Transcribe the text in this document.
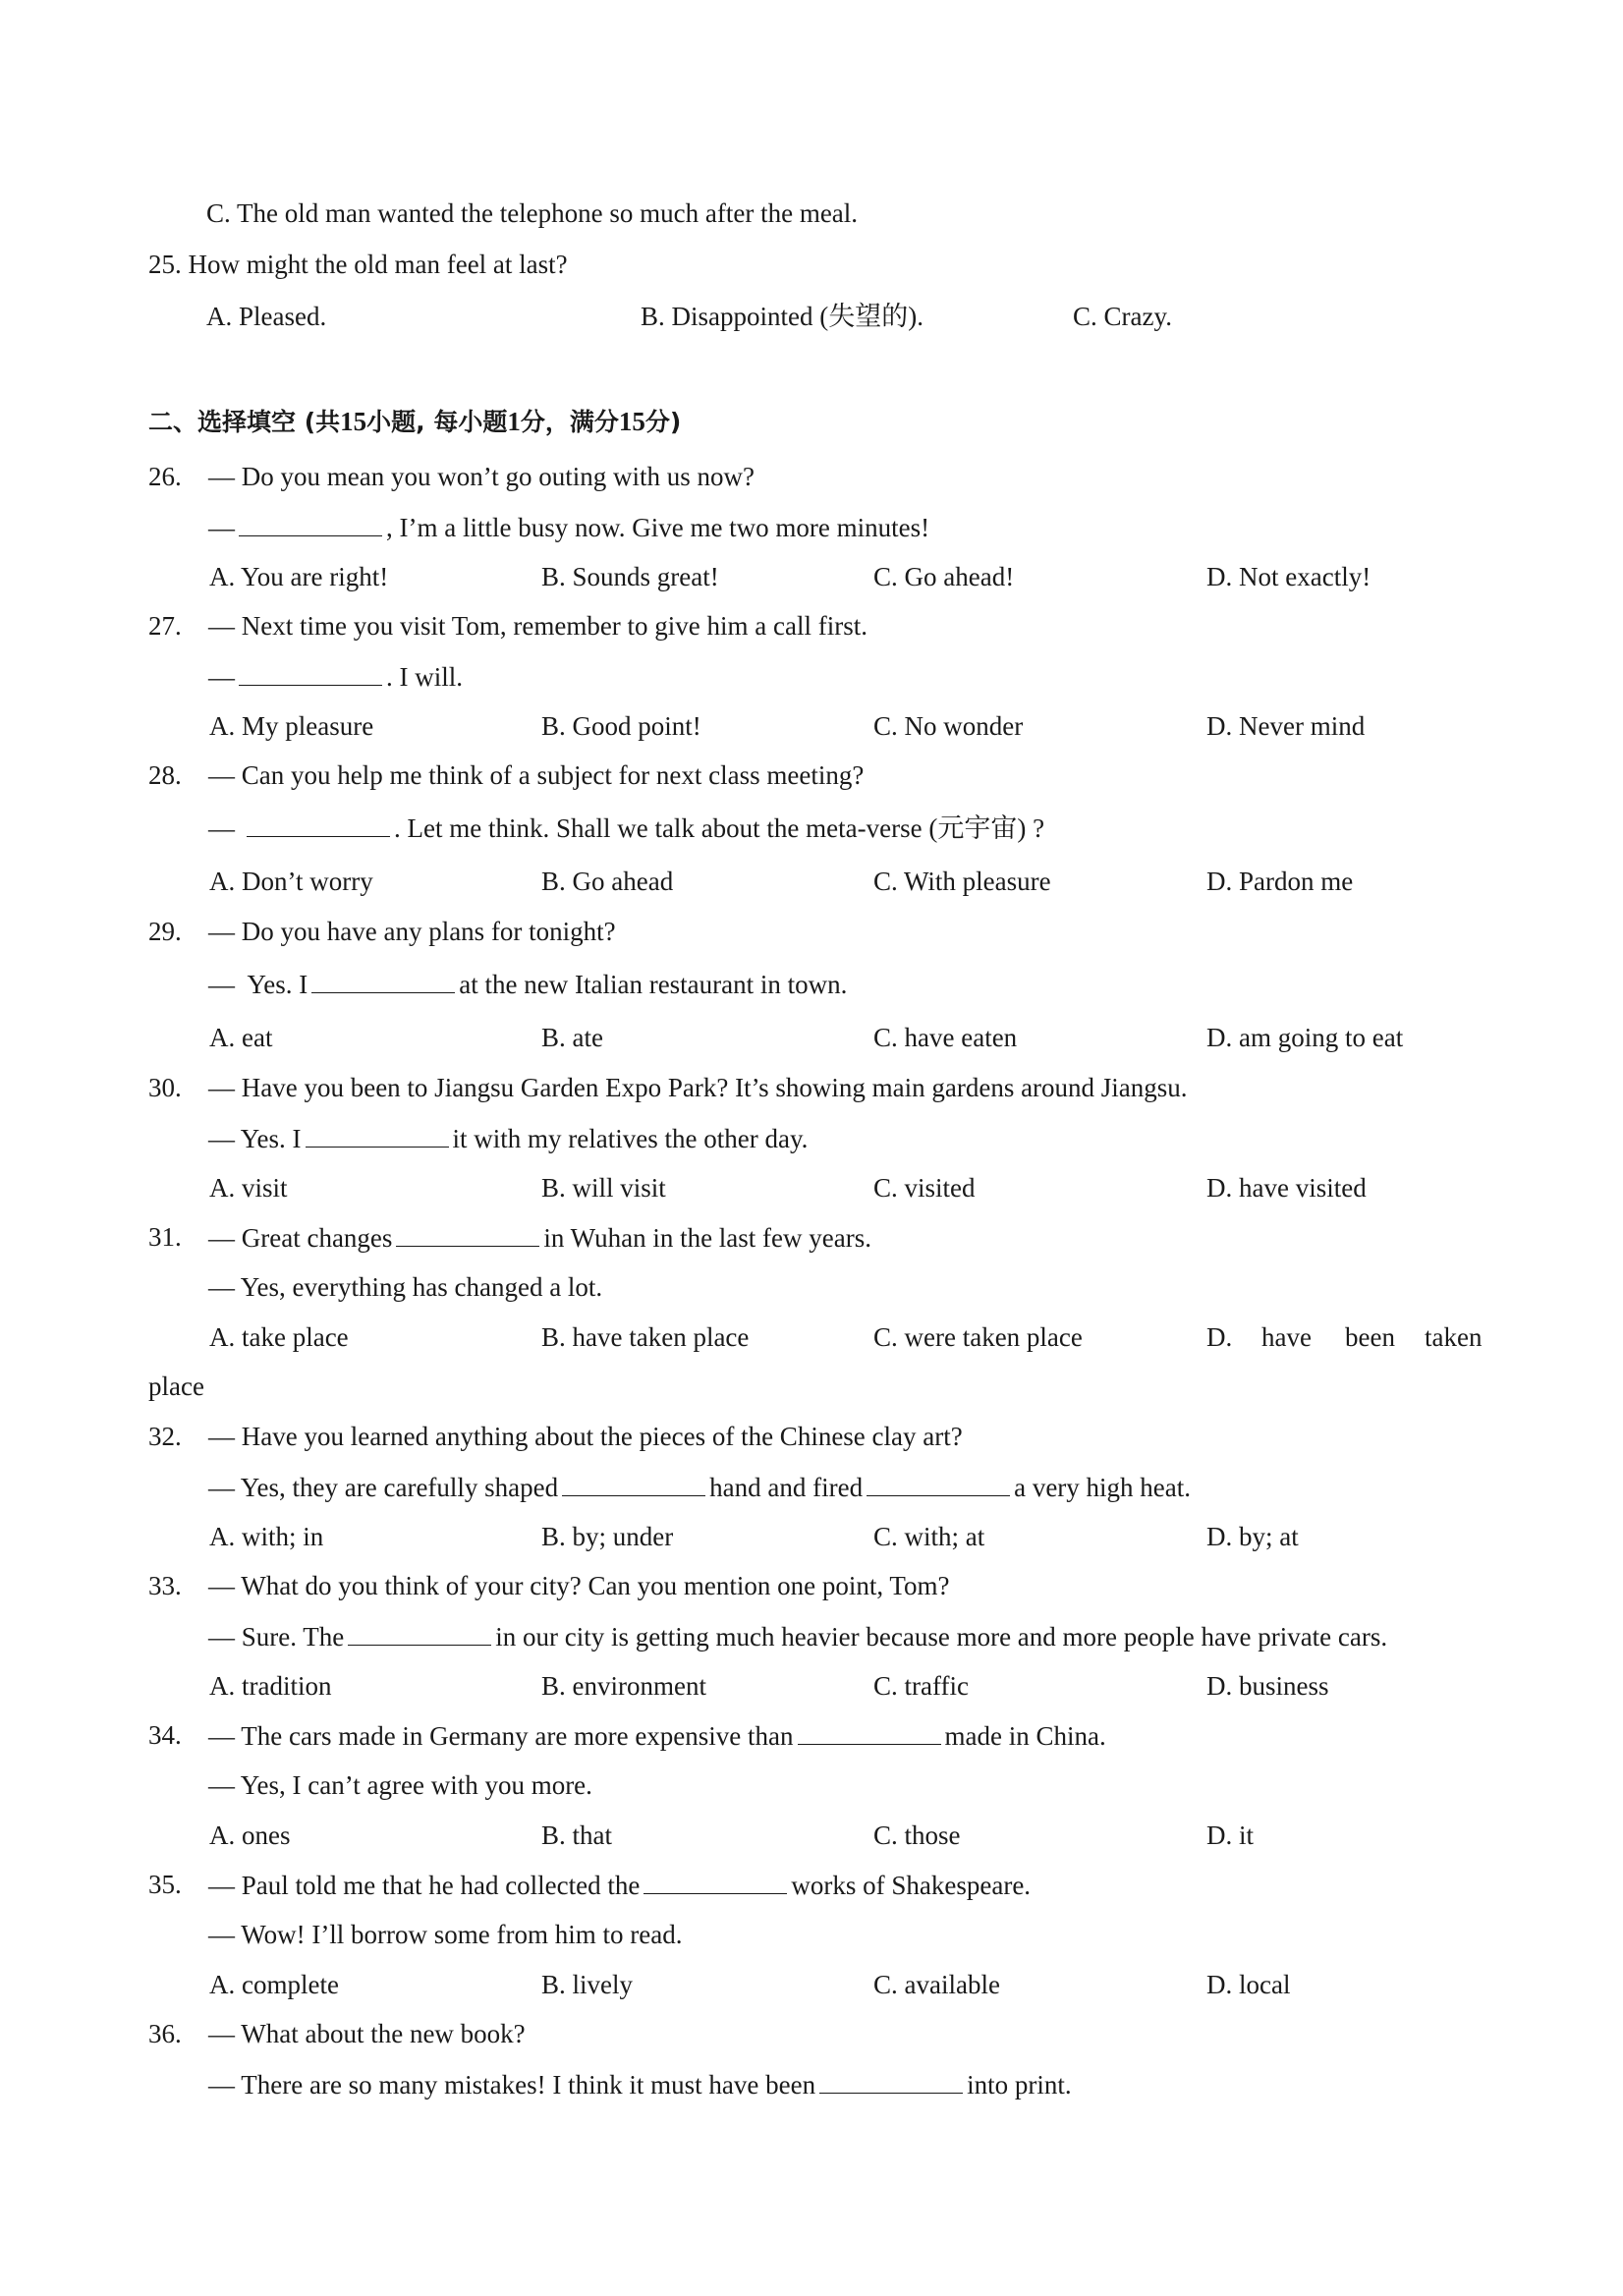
C. The old man wanted the telephone so much after the meal.
25. How might the old man feel at last?
A. Pleased.	B. Disappointed (失望的).	C. Crazy.
二、选择填空 (共15小题, 每小题1分，满分15分)
26. — Do you mean you won’t go outing with us now?
—	, I’m a little busy now. Give me two more minutes!
A. You are right!	B. Sounds great!	C. Go ahead!	D. Not exactly!
27. — Next time you visit Tom, remember to give him a call first.
—	. I will.
A. My pleasure	B. Good point!	C. No wonder	D. Never mind
28. — Can you help me think of a subject for next class meeting?
—	. Let me think. Shall we talk about the meta-verse (元宇宙) ?
A. Don’t worry	B. Go ahead	C. With pleasure	D. Pardon me
29. — Do you have any plans for tonight?
—  Yes. I	at the new Italian restaurant in town.
A. eat	B. ate	C. have eaten	D. am going to eat
30. — Have you been to Jiangsu Garden Expo Park? It’s showing main gardens around Jiangsu.
— Yes. I	it with my relatives the other day.
A. visit	B. will visit	C. visited	D. have visited
31. — Great changes	in Wuhan in the last few years.
— Yes, everything has changed a lot.
A. take place	B. have taken place	C. were taken place	D. have been taken
place
32. — Have you learned anything about the pieces of the Chinese clay art?
— Yes, they are carefully shaped	hand and fired	a very high heat.
A. with; in	B. by; under	C. with; at	D. by; at
33. — What do you think of your city? Can you mention one point, Tom?
— Sure. The	in our city is getting much heavier because more and more people have private cars.
A. tradition	B. environment	C. traffic	D. business
34. — The cars made in Germany are more expensive than	made in China.
— Yes, I can’t agree with you more.
A. ones	B. that	C. those	D. it
35. — Paul told me that he had collected the	works of Shakespeare.
— Wow! I’ll borrow some from him to read.
A. complete	B. lively	C. available	D. local
36. — What about the new book?
— There are so many mistakes! I think it must have been	into print.
